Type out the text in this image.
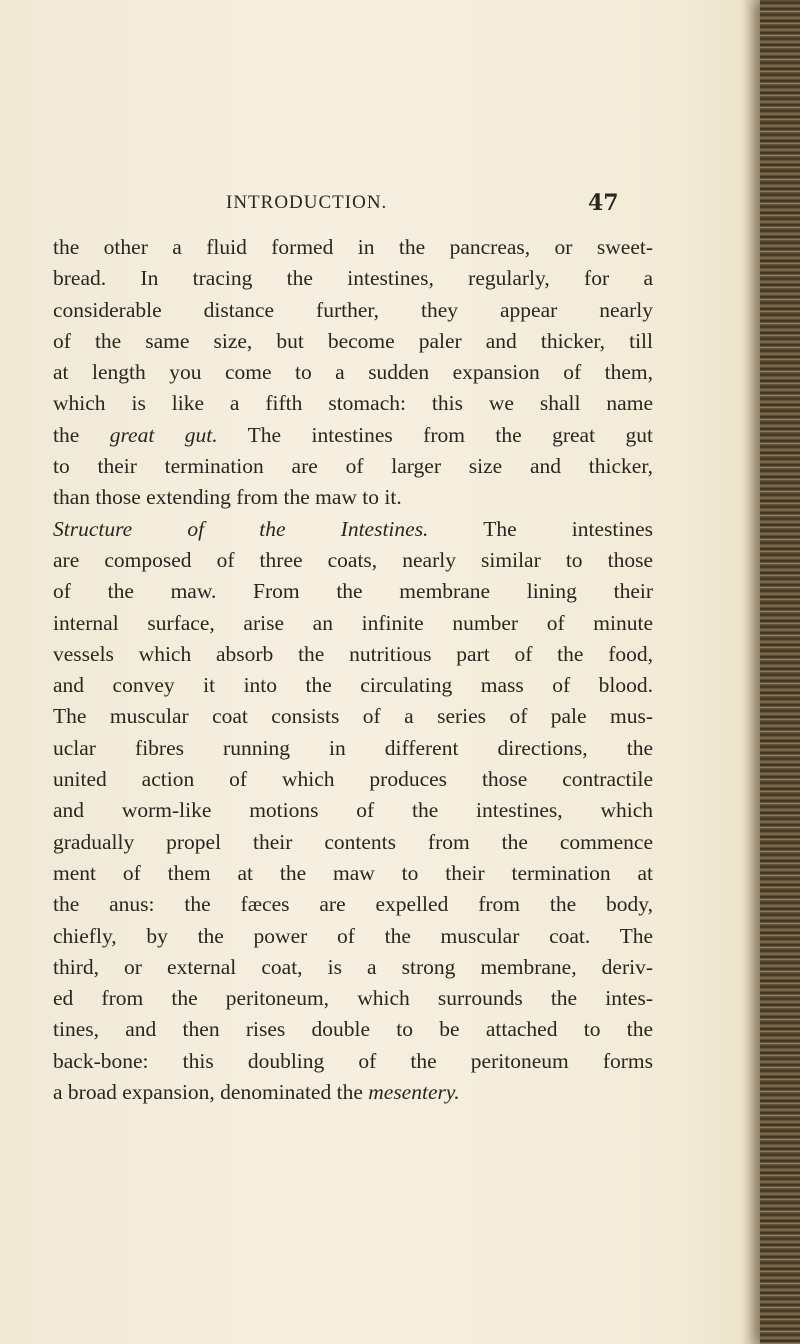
INTRODUCTION.	47
the other a fluid formed in the pancreas, or sweet-
bread. In tracing the intestines, regularly, for a
considerable distance further, they appear nearly
of the same size, but become paler and thicker, till
at length you come to a sudden expansion of them,
which is like a fifth stomach: this we shall name
the great gut. The intestines from the great gut
to their termination are of larger size and thicker,
than those extending from the maw to it.
Structure of the Intestines. The intestines
are composed of three coats, nearly similar to those
of the maw. From the membrane lining their
internal surface, arise an infinite number of minute
vessels which absorb the nutritious part of the food,
and convey it into the circulating mass of blood.
The muscular coat consists of a series of pale mus-
uclar fibres running in different directions, the
united action of which produces those contractile
and worm-like motions of the intestines, which
gradually propel their contents from the commence
ment of them at the maw to their termination at
the anus: the fæces are expelled from the body,
chiefly, by the power of the muscular coat. The
third, or external coat, is a strong membrane, deriv-
ed from the peritoneum, which surrounds the intes-
tines, and then rises double to be attached to the
back-bone: this doubling of the peritoneum forms
a broad expansion, denominated the mesentery.
